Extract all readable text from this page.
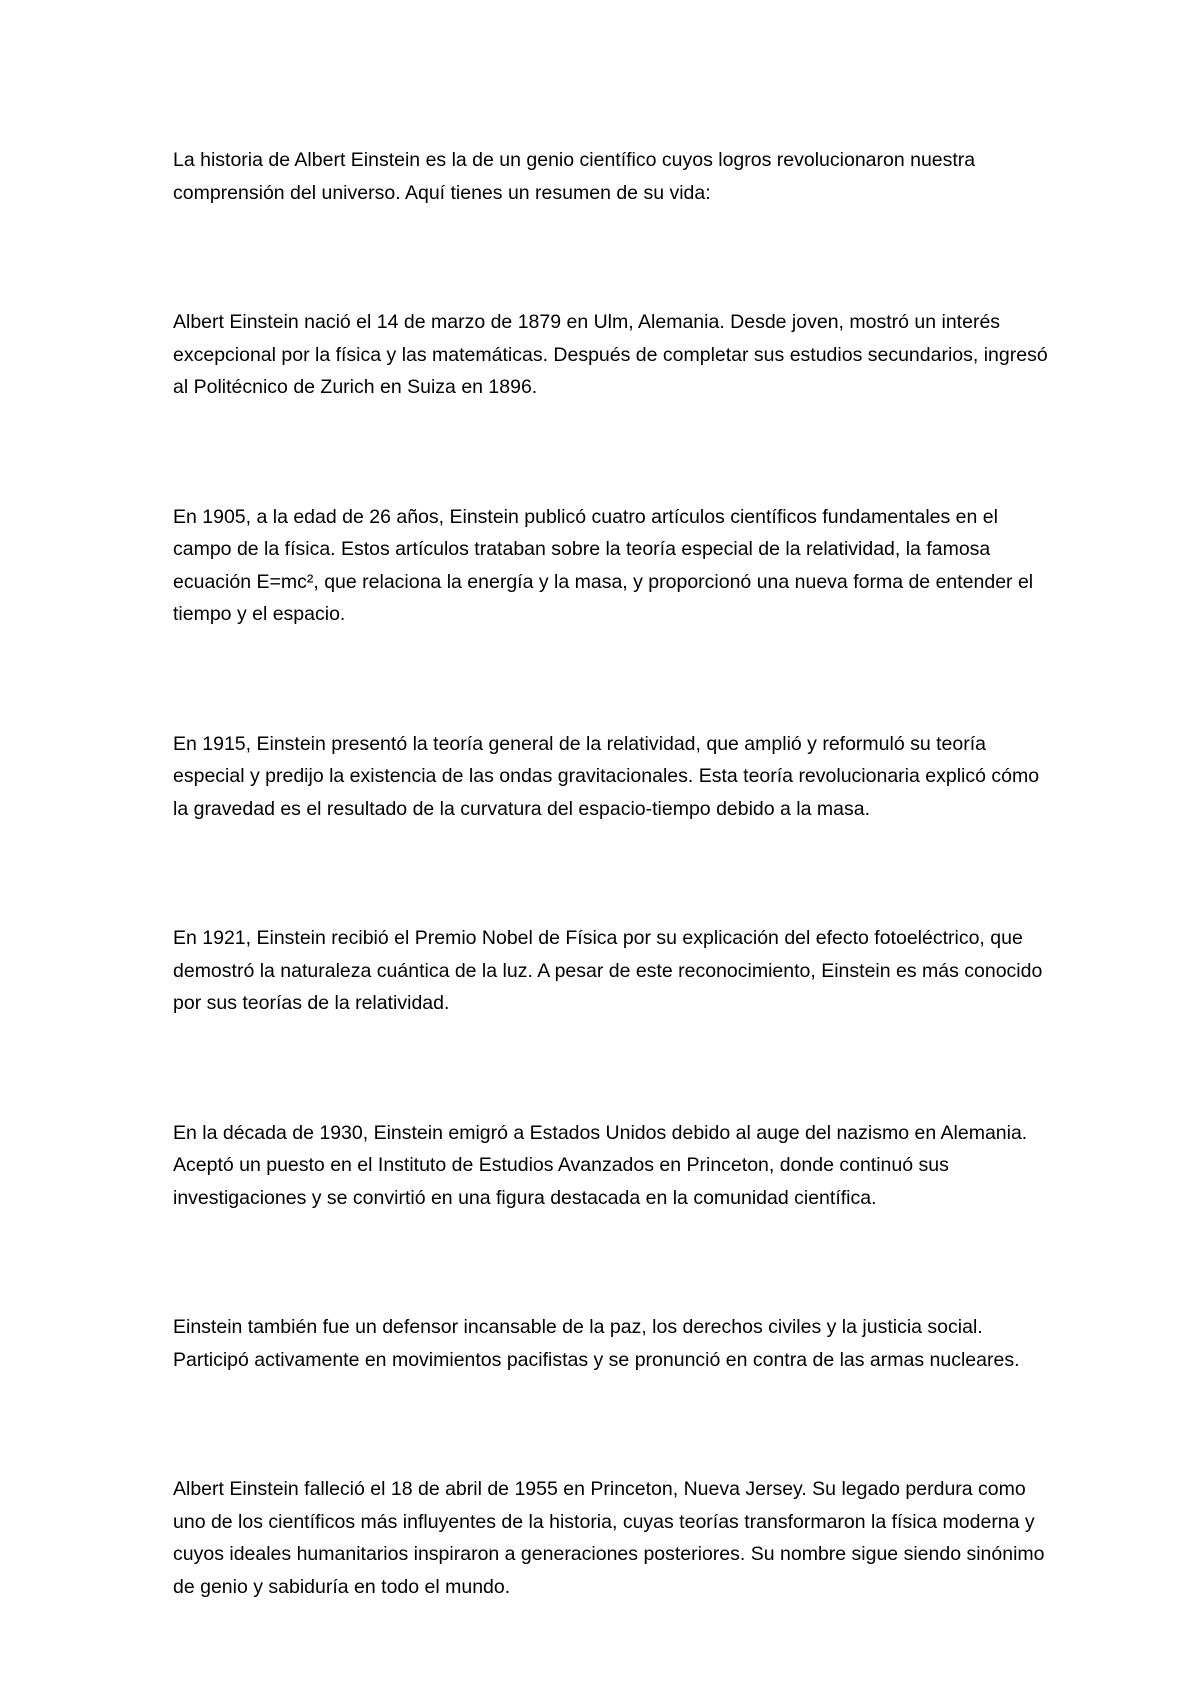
La historia de Albert Einstein es la de un genio científico cuyos logros revolucionaron nuestra comprensión del universo. Aquí tienes un resumen de su vida:

Albert Einstein nació el 14 de marzo de 1879 en Ulm, Alemania. Desde joven, mostró un interés excepcional por la física y las matemáticas. Después de completar sus estudios secundarios, ingresó al Politécnico de Zurich en Suiza en 1896.

En 1905, a la edad de 26 años, Einstein publicó cuatro artículos científicos fundamentales en el campo de la física. Estos artículos trataban sobre la teoría especial de la relatividad, la famosa ecuación E=mc², que relaciona la energía y la masa, y proporcionó una nueva forma de entender el tiempo y el espacio.

En 1915, Einstein presentó la teoría general de la relatividad, que amplió y reformuló su teoría especial y predijo la existencia de las ondas gravitacionales. Esta teoría revolucionaria explicó cómo la gravedad es el resultado de la curvatura del espacio-tiempo debido a la masa.

En 1921, Einstein recibió el Premio Nobel de Física por su explicación del efecto fotoeléctrico, que demostró la naturaleza cuántica de la luz. A pesar de este reconocimiento, Einstein es más conocido por sus teorías de la relatividad.

En la década de 1930, Einstein emigró a Estados Unidos debido al auge del nazismo en Alemania. Aceptó un puesto en el Instituto de Estudios Avanzados en Princeton, donde continuó sus investigaciones y se convirtió en una figura destacada en la comunidad científica.

Einstein también fue un defensor incansable de la paz, los derechos civiles y la justicia social. Participó activamente en movimientos pacifistas y se pronunció en contra de las armas nucleares.

Albert Einstein falleció el 18 de abril de 1955 en Princeton, Nueva Jersey. Su legado perdura como uno de los científicos más influyentes de la historia, cuyas teorías transformaron la física moderna y cuyos ideales humanitarios inspiraron a generaciones posteriores. Su nombre sigue siendo sinónimo de genio y sabiduría en todo el mundo.
